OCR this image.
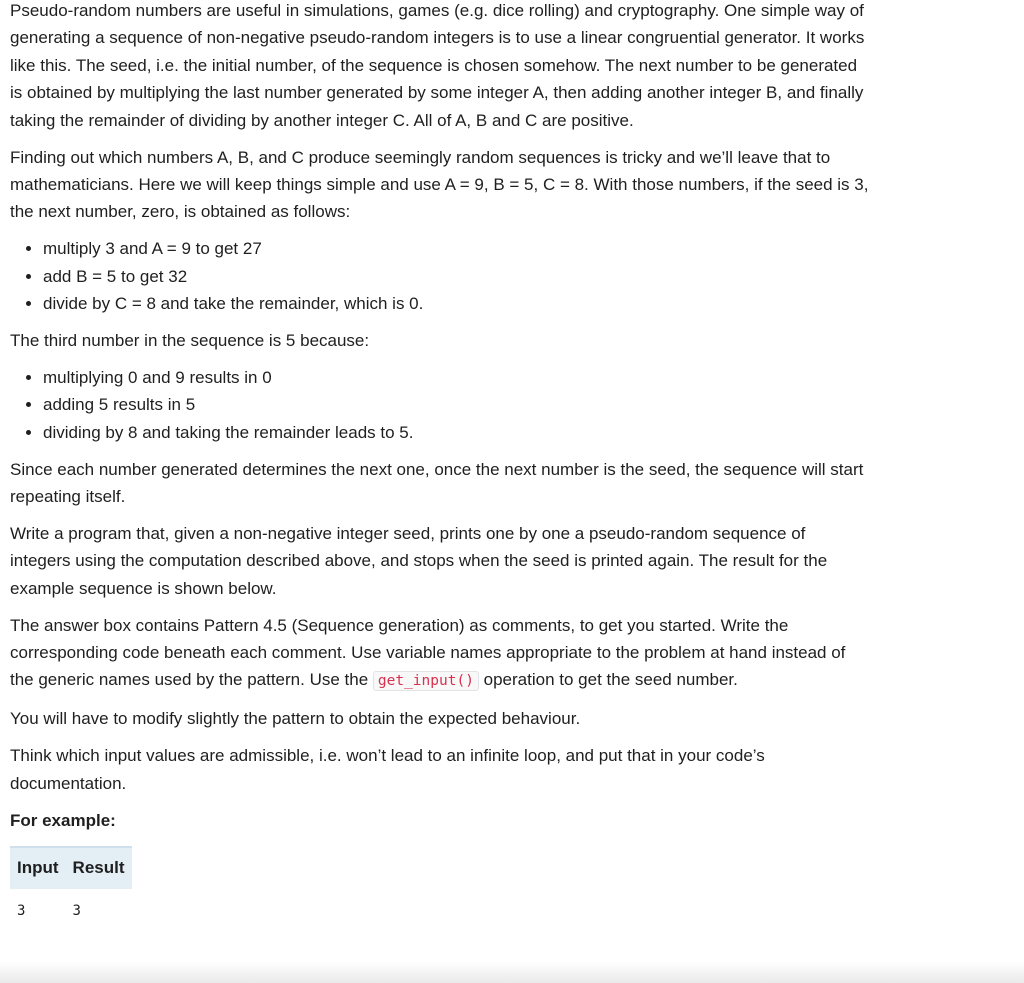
Pseudo-random numbers are useful in simulations, games (e.g. dice rolling) and cryptography. One simple way of generating a sequence of non-negative pseudo-random integers is to use a linear congruential generator. It works like this. The seed, i.e. the initial number, of the sequence is chosen somehow. The next number to be generated is obtained by multiplying the last number generated by some integer A, then adding another integer B, and finally taking the remainder of dividing by another integer C. All of A, B and C are positive.

Finding out which numbers A, B, and C produce seemingly random sequences is tricky and we’ll leave that to mathematicians. Here we will keep things simple and use A = 9, B = 5, C = 8. With those numbers, if the seed is 3, the next number, zero, is obtained as follows:

• multiply 3 and A = 9 to get 27
• add B = 5 to get 32
• divide by C = 8 and take the remainder, which is 0.

The third number in the sequence is 5 because:

• multiplying 0 and 9 results in 0
• adding 5 results in 5
• dividing by 8 and taking the remainder leads to 5.

Since each number generated determines the next one, once the next number is the seed, the sequence will start repeating itself.

Write a program that, given a non-negative integer seed, prints one by one a pseudo-random sequence of integers using the computation described above, and stops when the seed is printed again. The result for the example sequence is shown below.

The answer box contains Pattern 4.5 (Sequence generation) as comments, to get you started. Write the corresponding code beneath each comment. Use variable names appropriate to the problem at hand instead of the generic names used by the pattern. Use the get_input() operation to get the seed number.

You will have to modify slightly the pattern to obtain the expected behaviour.

Think which input values are admissible, i.e. won’t lead to an infinite loop, and put that in your code’s documentation.

For example:

Input	Result
3	3
